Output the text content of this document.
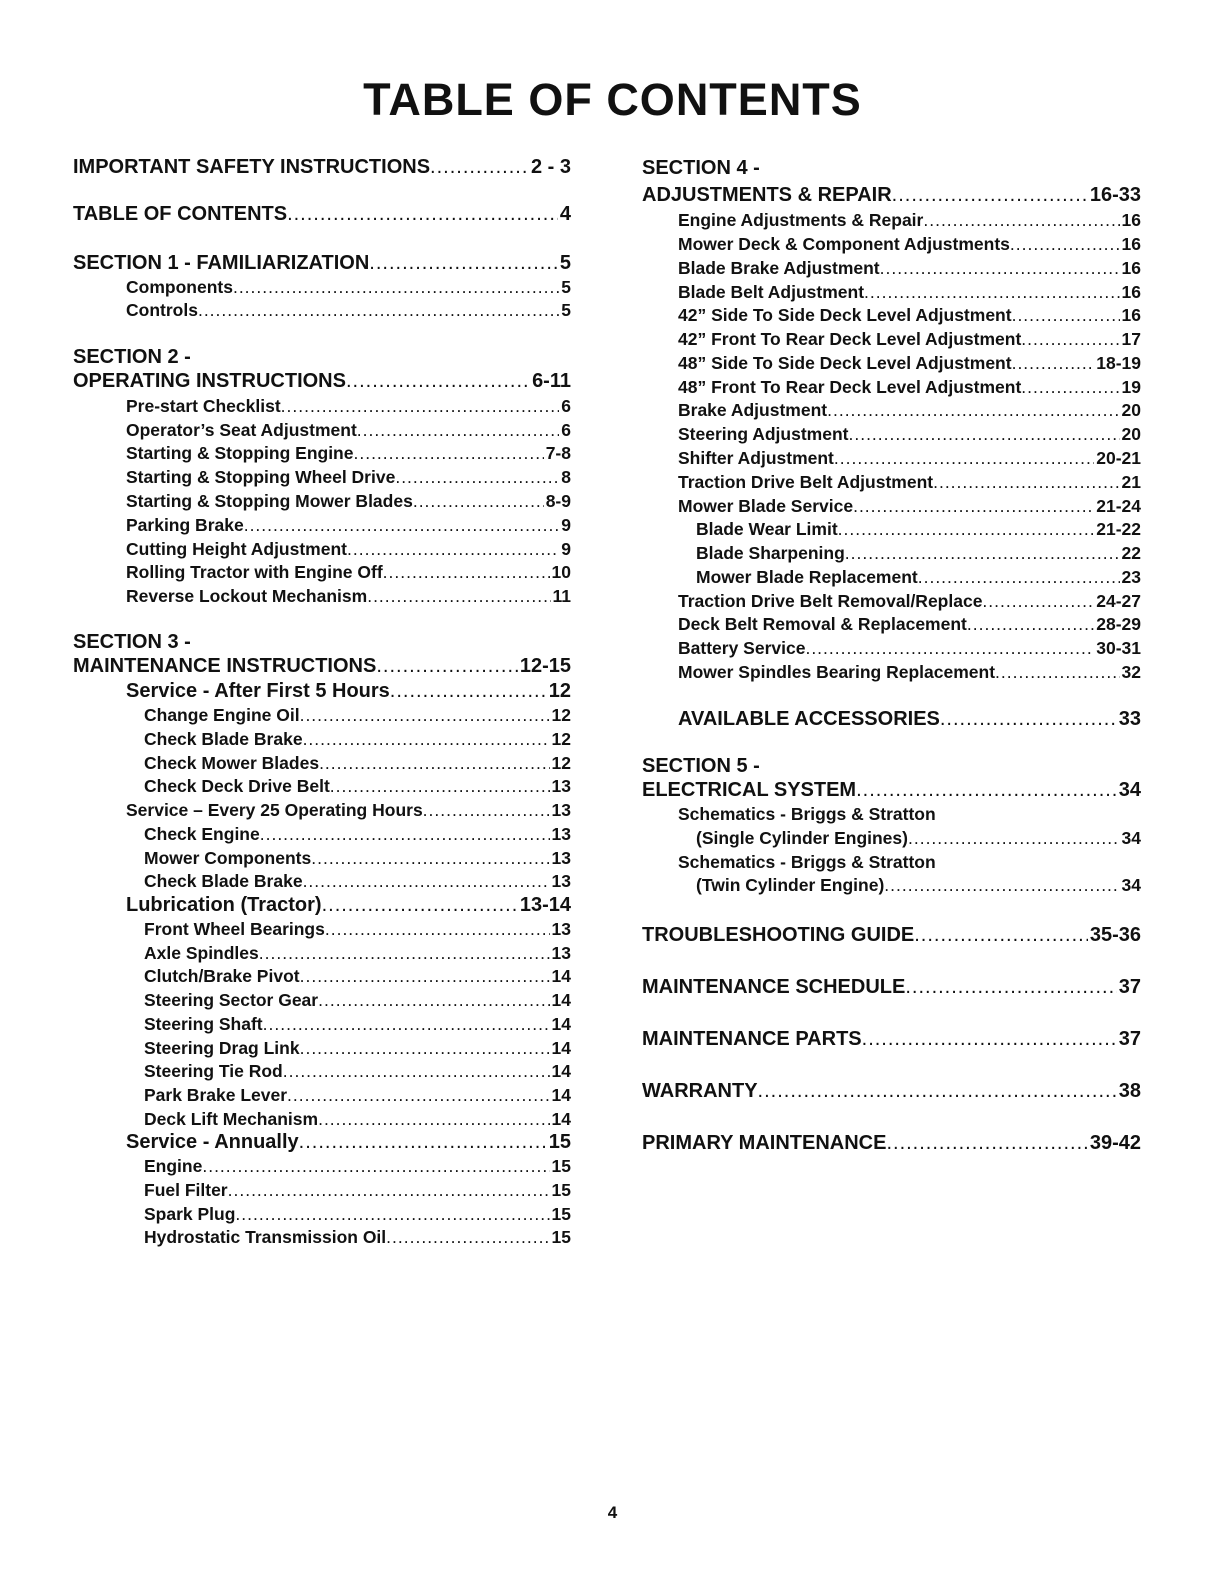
TABLE OF CONTENTS
IMPORTANT SAFETY INSTRUCTIONS .....	2 - 3
TABLE OF CONTENTS .....	4
SECTION 1 - FAMILIARIZATION .....	5
Components .....	5
Controls .....	5
SECTION 2 -
OPERATING INSTRUCTIONS .....	6-11
Pre-start Checklist .....	6
Operator’s Seat Adjustment .....	6
Starting & Stopping Engine .....	7-8
Starting & Stopping Wheel Drive .....	8
Starting & Stopping Mower Blades .....	8-9
Parking Brake .....	9
Cutting Height Adjustment .....	9
Rolling Tractor with Engine Off .....	10
Reverse Lockout Mechanism .....	11
SECTION 3 -
MAINTENANCE INSTRUCTIONS .....	12-15
Service - After First 5 Hours .....	12
Change Engine Oil .....	12
Check Blade Brake .....	12
Check Mower Blades .....	12
Check Deck Drive Belt .....	13
Service – Every 25 Operating Hours .....	13
Check Engine .....	13
Mower Components .....	13
Check Blade Brake .....	13
Lubrication (Tractor) .....	13-14
Front Wheel Bearings .....	13
Axle Spindles .....	13
Clutch/Brake Pivot .....	14
Steering Sector Gear .....	14
Steering Shaft .....	14
Steering Drag Link .....	14
Steering Tie Rod .....	14
Park Brake Lever .....	14
Deck Lift Mechanism .....	14
Service - Annually .....	15
Engine .....	15
Fuel Filter .....	15
Spark Plug .....	15
Hydrostatic Transmission Oil .....	15
SECTION 4 -
ADJUSTMENTS & REPAIR .....	16-33
Engine Adjustments & Repair .....	16
Mower Deck & Component Adjustments .....	16
Blade Brake Adjustment .....	16
Blade Belt Adjustment .....	16
42” Side To Side Deck Level Adjustment .....	16
42” Front To Rear Deck Level Adjustment .....	17
48” Side To Side Deck Level Adjustment .....	18-19
48” Front To Rear Deck Level Adjustment .....	19
Brake Adjustment .....	20
Steering Adjustment .....	20
Shifter Adjustment .....	20-21
Traction Drive Belt Adjustment .....	21
Mower Blade Service .....	21-24
Blade Wear Limit .....	21-22
Blade Sharpening .....	22
Mower Blade Replacement .....	23
Traction Drive Belt Removal/Replace .....	24-27
Deck Belt Removal & Replacement .....	28-29
Battery Service .....	30-31
Mower Spindles Bearing Replacement .....	32
AVAILABLE ACCESSORIES .....	33
SECTION 5 -
ELECTRICAL SYSTEM .....	34
Schematics - Briggs & Stratton
(Single Cylinder Engines) .....	34
Schematics - Briggs & Stratton
(Twin Cylinder Engine) .....	34
TROUBLESHOOTING GUIDE .....	35-36
MAINTENANCE SCHEDULE .....	37
MAINTENANCE PARTS .....	37
WARRANTY .....	38
PRIMARY MAINTENANCE .....	39-42
4
